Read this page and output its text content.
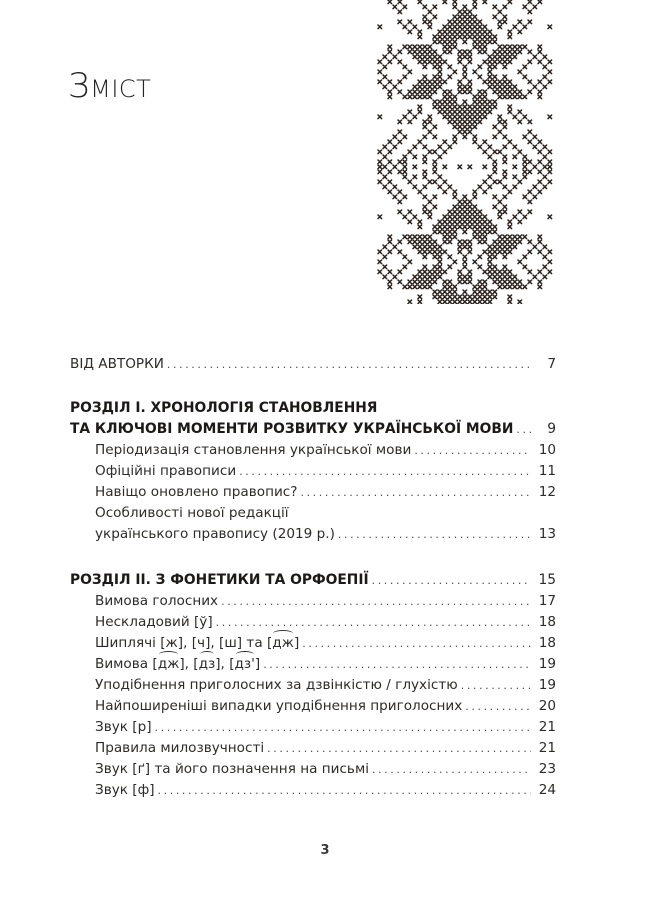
Зміст
ВІД АВТОРКИ .....	7
РОЗДІЛ І. ХРОНОЛОГІЯ СТАНОВЛЕННЯ
ТА КЛЮЧОВІ МОМЕНТИ РОЗВИТКУ УКРАЇНСЬКОЇ МОВИ .....	9
Періодизація становлення української мови .....	10
Офіційні правописи .....	11
Навіщо оновлено правопис? .....	12
Особливості нової редакції
українського правопису (2019 р.) .....	13
РОЗДІЛ ІІ. З ФОНЕТИКИ ТА ОРФОЕПІЇ .....	15
Вимова голосних .....	17
Нескладовий [ў] .....	18
Шиплячі [ж], [ч], [ш] та [дж] .....	18
Вимова [дж], [дз], [дз'] .....	19
Уподібнення приголосних за дзвінкістю / глухістю .....	19
Найпоширеніші випадки уподібнення приголосних .....	20
Звук [р] .....	21
Правила милозвучності .....	21
Звук [ґ] та його позначення на письмі .....	23
Звук [ф] .....	24
3
